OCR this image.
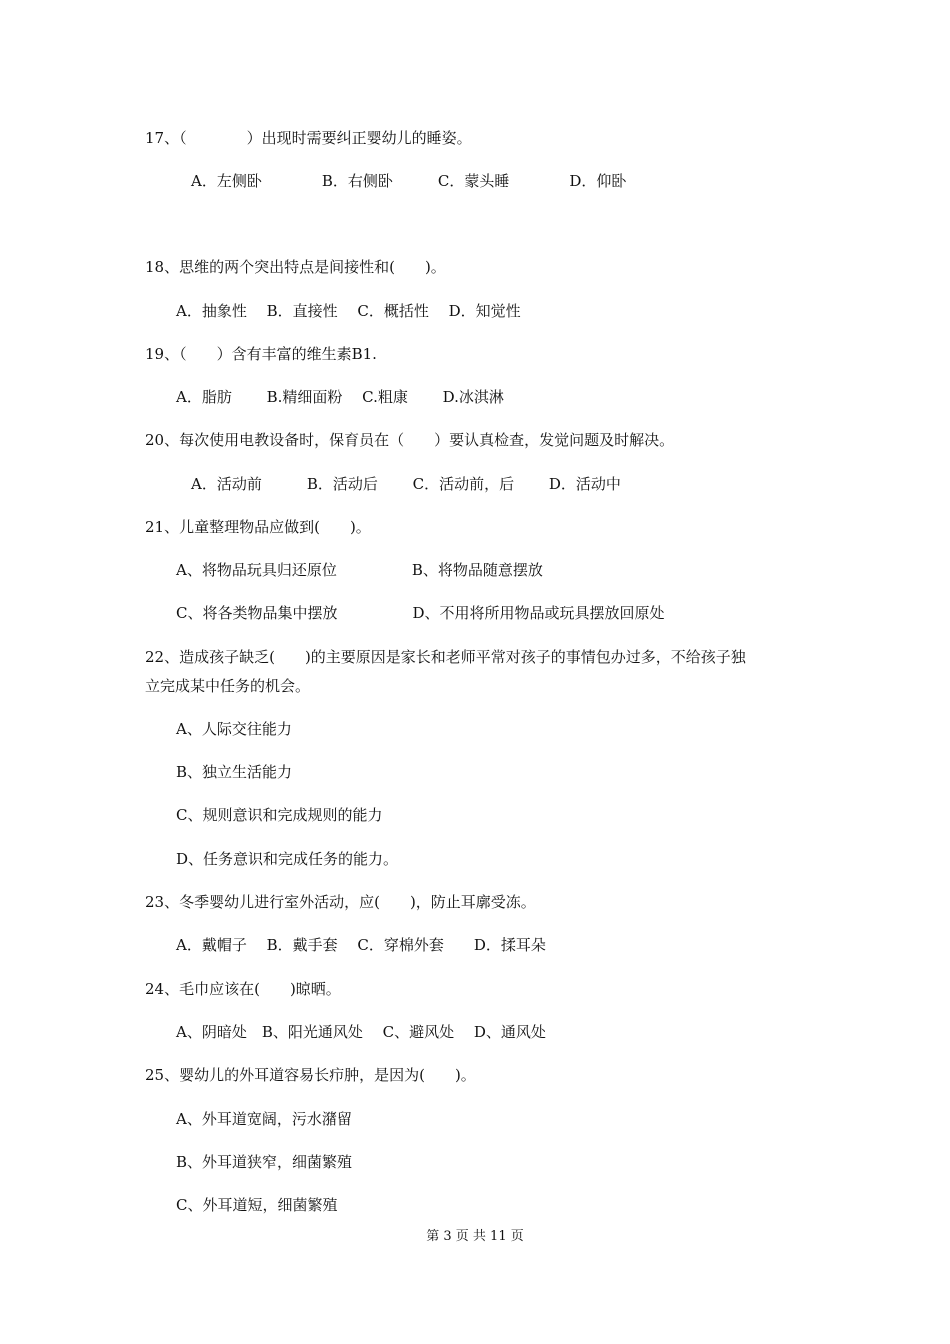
17、（　　　　）出现时需要纠正婴幼儿的睡姿。
　A．左侧卧　　　　B．右侧卧　　　C．蒙头睡　　　　D．仰卧
18、思维的两个突出特点是间接性和(　　)。
A．抽象性　 B．直接性　 C．概括性　 D．知觉性
19、（　　）含有丰富的维生素B1.
A．脂肪　　 B.精细面粉　 C.粗康　　 D.冰淇淋
20、每次使用电教设备时，保育员在（　　）要认真检查，发觉问题及时解决。
　A．活动前　　　B．活动后　　 C．活动前，后　　 D．活动中
21、儿童整理物品应做到(　　)。
A、将物品玩具归还原位　　　　　B、将物品随意摆放
C、将各类物品集中摆放　　　　　D、不用将所用物品或玩具摆放回原处
22、造成孩子缺乏(　　)的主要原因是家长和老师平常对孩子的事情包办过多，不给孩子独
立完成某中任务的机会。
A、人际交往能力
B、独立生活能力
C、规则意识和完成规则的能力
D、任务意识和完成任务的能力。
23、冬季婴幼儿进行室外活动，应(　　)，防止耳廓受冻。
A．戴帽子　 B．戴手套　 C．穿棉外套　　D．揉耳朵
24、毛巾应该在(　　)晾晒。
A、阴暗处　B、阳光通风处　 C、避风处　 D、通风处
25、婴幼儿的外耳道容易长疖肿，是因为(　　)。
A、外耳道宽阔，污水潴留
B、外耳道狭窄，细菌繁殖
C、外耳道短，细菌繁殖
第 3 页 共 11 页
